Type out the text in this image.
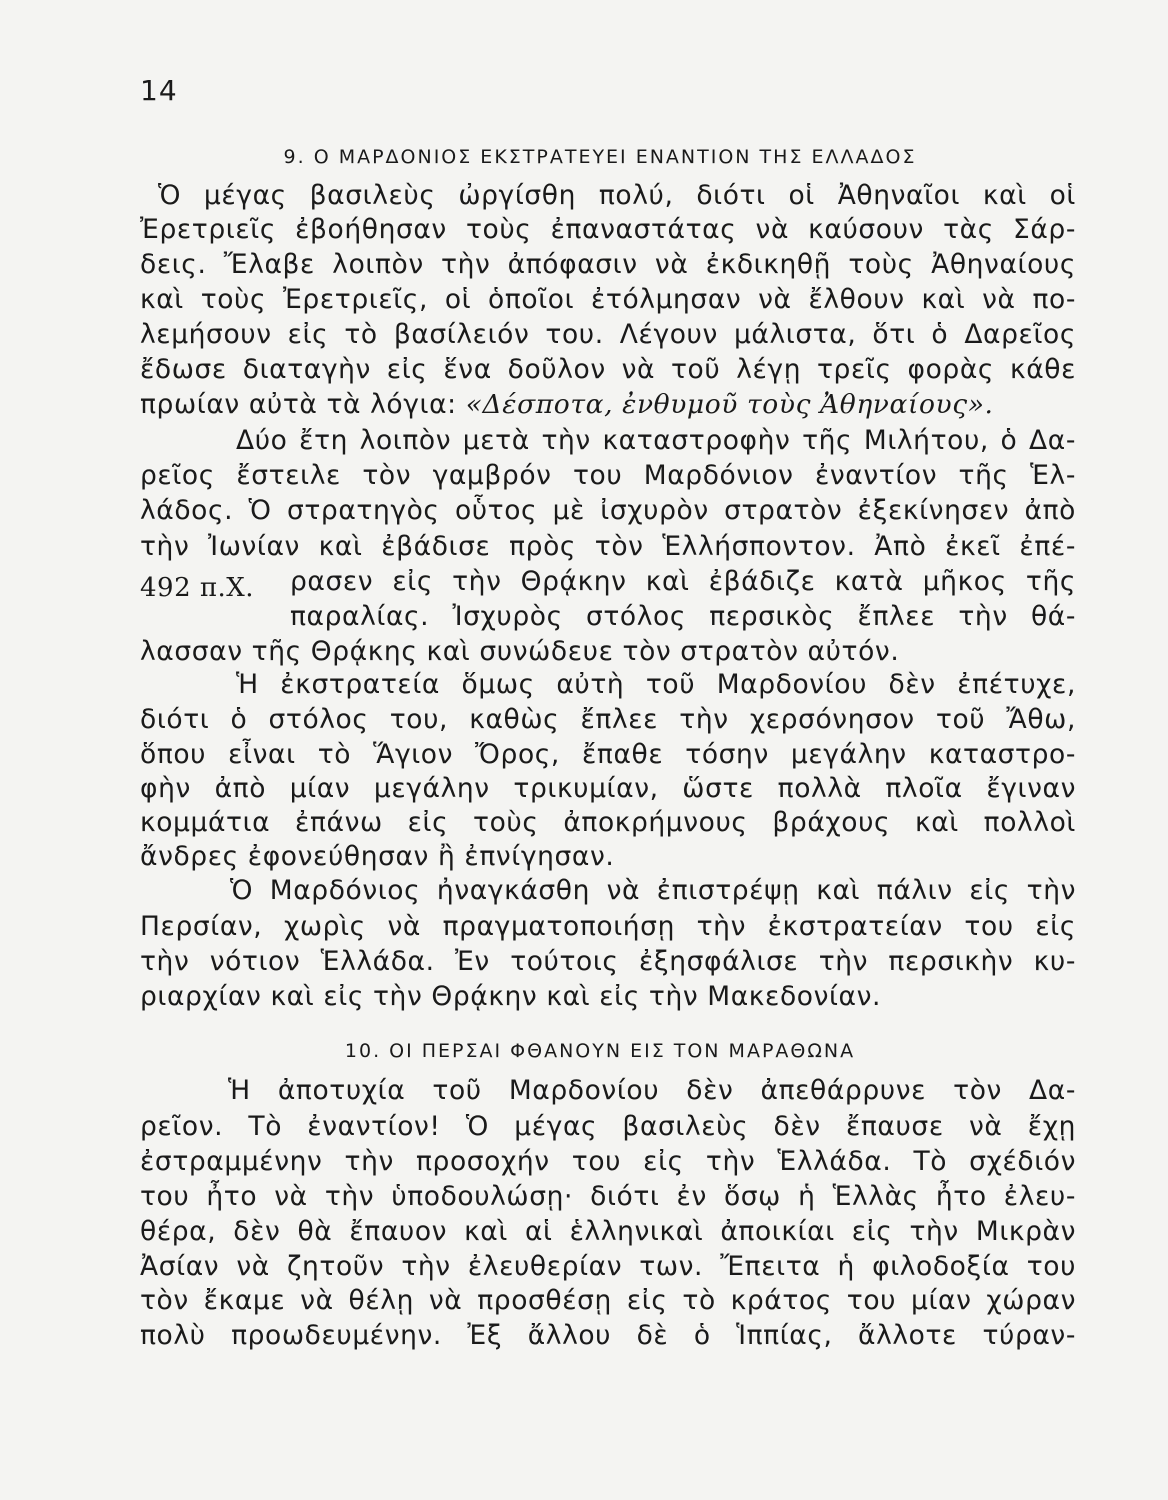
14
9. Ο ΜΑΡΔΟΝΙΟΣ ΕΚΣΤΡΑΤΕΥΕΙ ΕΝΑΝΤΙΟΝ ΤΗΣ ΕΛΛΑΔΟΣ
Ὁ μέγας βασιλεὺς ὠργίσθη πολύ, διότι οἱ Ἀθηναῖοι καὶ οἱ
Ἐρετριεῖς ἐβοήθησαν τοὺς ἐπαναστάτας νὰ καύσουν τὰς Σάρ-
δεις. Ἔλαβε λοιπὸν τὴν ἀπόφασιν νὰ ἐκδικηθῇ τοὺς Ἀθηναίους
καὶ τοὺς Ἐρετριεῖς, οἱ ὁποῖοι ἐτόλμησαν νὰ ἔλθουν καὶ νὰ πο-
λεμήσουν εἰς τὸ βασίλειόν του. Λέγουν μάλιστα, ὅτι ὁ Δαρεῖος
ἔδωσε διαταγὴν εἰς ἕνα δοῦλον νὰ τοῦ λέγῃ τρεῖς φορὰς κάθε
πρωίαν αὐτὰ τὰ λόγια: «Δέσποτα, ἐνθυμοῦ τοὺς Ἀθηναίους».
Δύο ἔτη λοιπὸν μετὰ τὴν καταστροφὴν τῆς Μιλήτου, ὁ Δα-
ρεῖος ἔστειλε τὸν γαμβρόν του Μαρδόνιον ἐναντίον τῆς Ἑλ-
λάδος. Ὁ στρατηγὸς οὗτος μὲ ἰσχυρὸν στρατὸν ἐξεκίνησεν ἀπὸ
τὴν Ἰωνίαν καὶ ἐβάδισε πρὸς τὸν Ἑλλήσποντον. Ἀπὸ ἐκεῖ ἐπέ-
492 π.Χ. ρασεν εἰς τὴν Θρᾴκην καὶ ἐβάδιζε κατὰ μῆκος τῆς
παραλίας. Ἰσχυρὸς στόλος περσικὸς ἔπλεε τὴν θά-
λασσαν τῆς Θρᾴκης καὶ συνώδευε τὸν στρατὸν αὐτόν.
Ἡ ἐκστρατεία ὅμως αὐτὴ τοῦ Μαρδονίου δὲν ἐπέτυχε,
διότι ὁ στόλος του, καθὼς ἔπλεε τὴν χερσόνησον τοῦ Ἄθω,
ὅπου εἶναι τὸ Ἅγιον Ὄρος, ἔπαθε τόσην μεγάλην καταστρο-
φὴν ἀπὸ μίαν μεγάλην τρικυμίαν, ὥστε πολλὰ πλοῖα ἔγιναν
κομμάτια ἐπάνω εἰς τοὺς ἀποκρήμνους βράχους καὶ πολλοὶ
ἄνδρες ἐφονεύθησαν ἢ ἐπνίγησαν.
Ὁ Μαρδόνιος ἠναγκάσθη νὰ ἐπιστρέψῃ καὶ πάλιν εἰς τὴν
Περσίαν, χωρὶς νὰ πραγματοποιήσῃ τὴν ἐκστρατείαν του εἰς
τὴν νότιον Ἑλλάδα. Ἐν τούτοις ἐξησφάλισε τὴν περσικὴν κυ-
ριαρχίαν καὶ εἰς τὴν Θρᾴκην καὶ εἰς τὴν Μακεδονίαν.
10. ΟΙ ΠΕΡΣΑΙ ΦΘΑΝΟΥΝ ΕΙΣ ΤΟΝ ΜΑΡΑΘΩΝΑ
Ἡ ἀποτυχία τοῦ Μαρδονίου δὲν ἀπεθάρρυνε τὸν Δα-
ρεῖον. Τὸ ἐναντίον! Ὁ μέγας βασιλεὺς δὲν ἔπαυσε νὰ ἔχῃ
ἐστραμμένην τὴν προσοχήν του εἰς τὴν Ἑλλάδα. Τὸ σχέδιόν
του ἦτο νὰ τὴν ὑποδουλώσῃ· διότι ἐν ὅσῳ ἡ Ἑλλὰς ἦτο ἐλευ-
θέρα, δὲν θὰ ἔπαυον καὶ αἱ ἑλληνικαὶ ἀποικίαι εἰς τὴν Μικρὰν
Ἀσίαν νὰ ζητοῦν τὴν ἐλευθερίαν των. Ἔπειτα ἡ φιλοδοξία του
τὸν ἔκαμε νὰ θέλῃ νὰ προσθέσῃ εἰς τὸ κράτος του μίαν χώραν
πολὺ προωδευμένην. Ἐξ ἄλλου δὲ ὁ Ἱππίας, ἄλλοτε τύραν-
